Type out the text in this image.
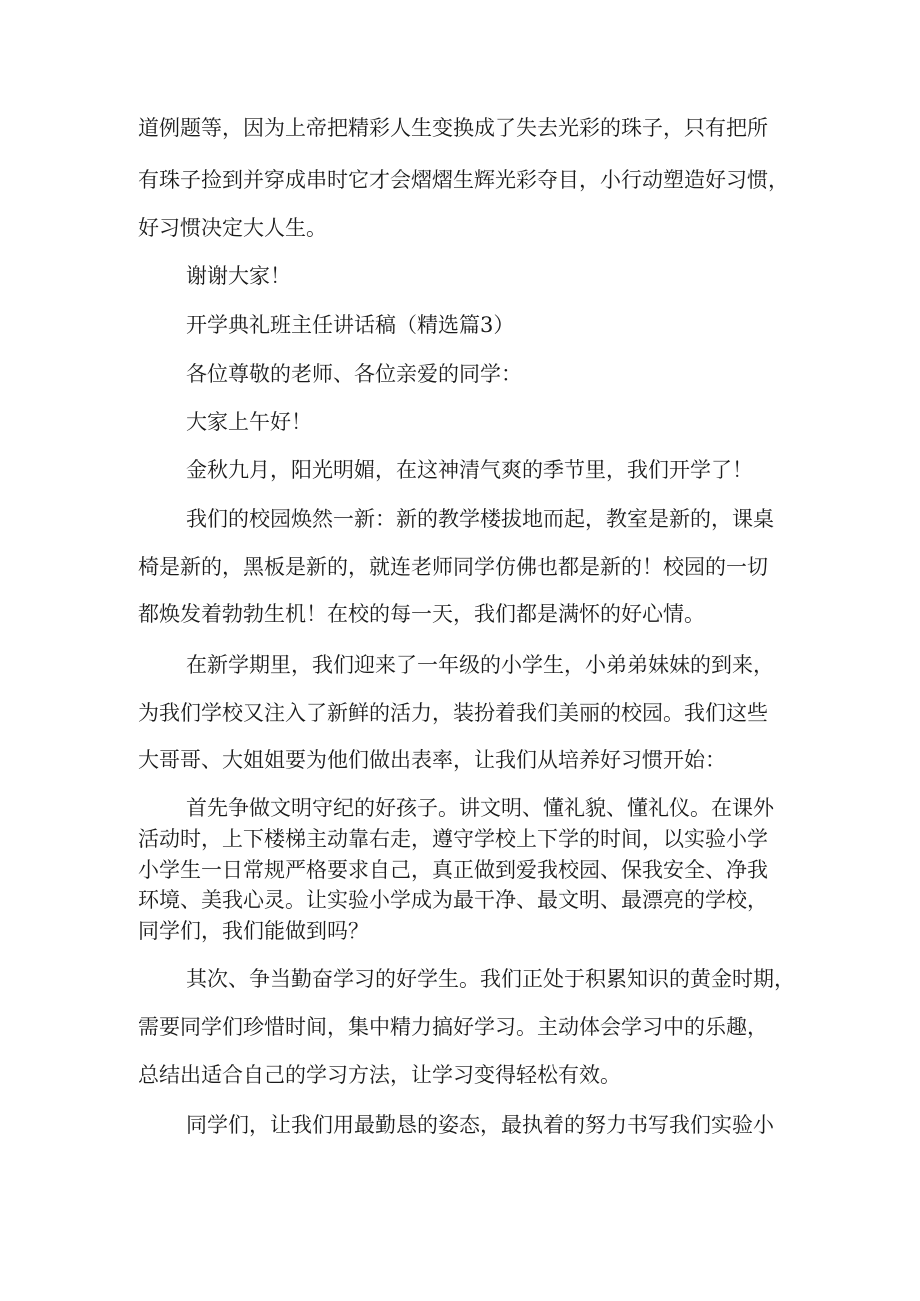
道例题等，因为上帝把精彩人生变换成了失去光彩的珠子，只有把所
有珠子捡到并穿成串时它才会熠熠生辉光彩夺目，小行动塑造好习惯，
好习惯决定大人生。
谢谢大家！
开学典礼班主任讲话稿（精选篇3）
各位尊敬的老师、各位亲爱的同学：
大家上午好！
金秋九月，阳光明媚，在这神清气爽的季节里，我们开学了！
我们的校园焕然一新：新的教学楼拔地而起，教室是新的，课桌
椅是新的，黑板是新的，就连老师同学仿佛也都是新的！校园的一切
都焕发着勃勃生机！在校的每一天，我们都是满怀的好心情。
在新学期里，我们迎来了一年级的小学生，小弟弟妹妹的到来，
为我们学校又注入了新鲜的活力，装扮着我们美丽的校园。我们这些
大哥哥、大姐姐要为他们做出表率，让我们从培养好习惯开始：
首先争做文明守纪的好孩子。讲文明、懂礼貌、懂礼仪。在课外
活动时，上下楼梯主动靠右走，遵守学校上下学的时间，以实验小学
小学生一日常规严格要求自己，真正做到爱我校园、保我安全、净我
环境、美我心灵。让实验小学成为最干净、最文明、最漂亮的学校，
同学们，我们能做到吗？
其次、争当勤奋学习的好学生。我们正处于积累知识的黄金时期，
需要同学们珍惜时间，集中精力搞好学习。主动体会学习中的乐趣，
总结出适合自己的学习方法，让学习变得轻松有效。
同学们，让我们用最勤恳的姿态，最执着的努力书写我们实验小
